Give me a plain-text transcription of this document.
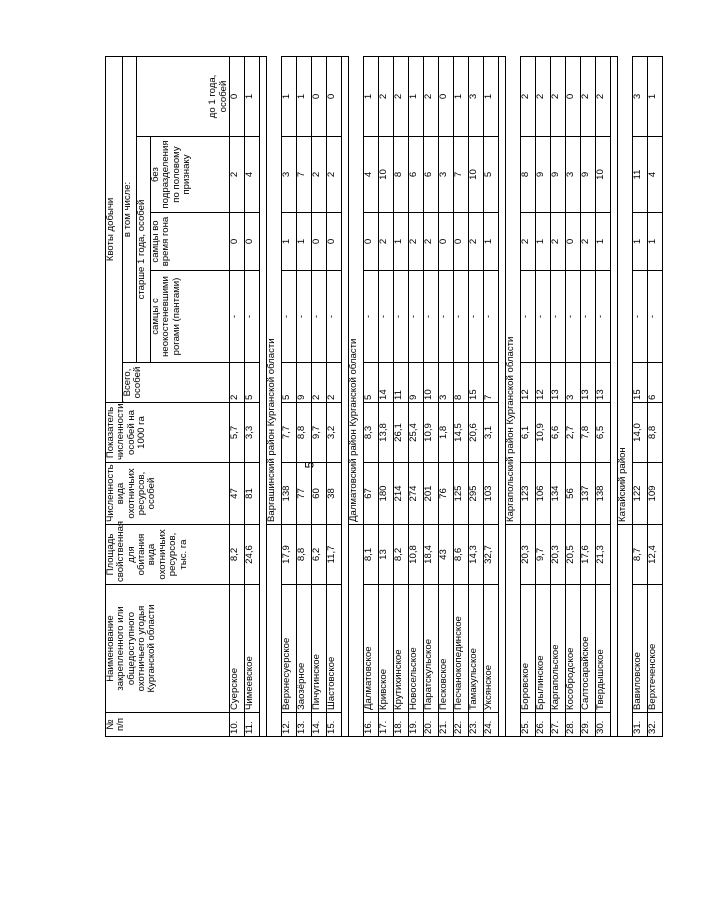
5
№ п/п	Наименование закрепленного или общедоступного охотничьего угодья Курганской области	Площадь свойственная для обитания вида охотничьих ресурсов, тыс. га	Численность вида охотничьих ресурсов, особей	Показатель численности, особей на 1000 га	Квоты добычи				
					Всего, особей	в том числе:			
						старше 1 года, особей			до 1 года, особей
						самцы с неокостеневшими рогами (пантами)	самцы во время гона	без подразделения по половому признаку	
10.	Суерское	8,2	47	5,7	2	-	0	2	0
11.	Чимеевское	24,6	81	3,3	5	-	0	4	1

			Варгашинский район Курганской области						
12.	Верхнесуерское	17,9	138	7,7	5	-	1	3	1
13.	Заозёрное	8,8	77	8,8	9	-	1	7	1
14.	Пичугинское	6,2	60	9,7	2	-	0	2	0
15.	Шастовское	11,7	38	3,2	2	-	0	2	0

			Далматовский район Курганской области						
16.	Далматовское	8,1	67	8,3	5	-	0	4	1
17.	Кривское	13	180	13,8	14	-	2	10	2
18.	Крутихинское	8,2	214	26,1	11	-	1	8	2
19.	Новосельское	10,8	274	25,4	9	-	2	6	1
20.	Паратскульское	18,4	201	10,9	10	-	2	6	2
21.	Песковское	43	76	1,8	3	-	0	3	0
22.	Песчанокопединское	8,6	125	14,5	8	-	0	7	1
23.	Тамакульское	14,3	295	20,6	15	-	2	10	3
24.	Уксянское	32,7	103	3,1	7	-	1	5	1

			Каргапольский район Курганской области						
25.	Боровское	20,3	123	6,1	12	-	2	8	2
26.	Брылинское	9,7	106	10,9	12	-	1	9	2
27.	Каргапольское	20,3	134	6,6	13	-	2	9	2
28.	Кособродское	20,5	56	2,7	3	-	0	3	0
29.	Салтосарайское	17,6	137	7,8	13	-	2	9	2
30.	Твердышское	21,3	138	6,5	13	-	1	10	2

			Катайский район						
31.	Вавиловское	8,7	122	14,0	15	-	1	11	3
32.	Верхтеченское	12,4	109	8,8	6	-	1	4	1
